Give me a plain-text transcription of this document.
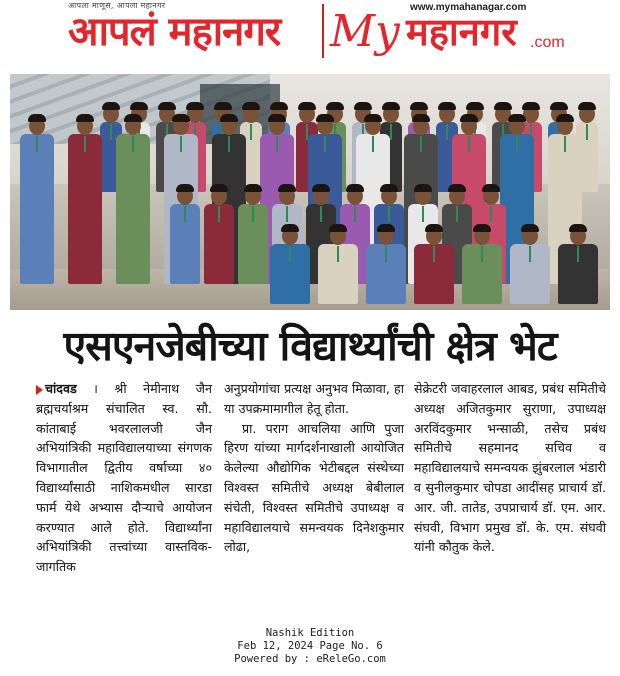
आपला माणूस, आपला महानगर
आपलं महानगर
www.mymahanagar.com
My महानगर .com
एसएनजेबीच्या विद्यार्थ्यांची क्षेत्र भेट

चांदवड । श्री नेमीनाथ जैन ब्रह्मचर्याश्रम संचालित स्व. सौ. कांताबाई भवरलालजी जैन अभियांत्रिकी महाविद्यालयाच्या संगणक विभागातील द्वितीय वर्षाच्या ४० विद्यार्थ्यांसाठी नाशिकमधील सारडा फार्म येथे अभ्यास दौऱ्याचे आयोजन करण्यात आले होते. विद्यार्थ्यांना अभियांत्रिकी तत्त्वांच्या वास्तविक-जागतिक

अनुप्रयोगांचा प्रत्यक्ष अनुभव मिळावा, हा या उपक्रमामागील हेतू होता.

प्रा. पराग आचलिया आणि पुजा हिरण यांच्या मार्गदर्शनाखाली आयोजित केलेल्या औद्योगिक भेटीबद्दल संस्थेच्या विश्वस्त समितीचे अध्यक्ष बेबीलाल संचेती, विश्वस्त समितीचे उपाध्यक्ष व महाविद्यालयाचे समन्वयक दिनेशकुमार लोढा,

सेक्रेटरी जवाहरलाल आबड, प्रबंध समितीचे अध्यक्ष अजितकुमार सुराणा, उपाध्यक्ष अरविंदकुमार भन्साळी, तसेच प्रबंध समितीचे सहमानद सचिव व महाविद्यालयाचे समन्वयक झुंबरलाल भंडारी व सुनीलकुमार चोपडा आदींसह प्राचार्य डॉ. आर. जी. तातेड, उपप्राचार्य डॉ. एम. आर. संघवी, विभाग प्रमुख डॉ. के. एम. संघवी यांनी कौतुक केले.

Nashik Edition
Feb 12, 2024 Page No. 6
Powered by : eReleGo.com
